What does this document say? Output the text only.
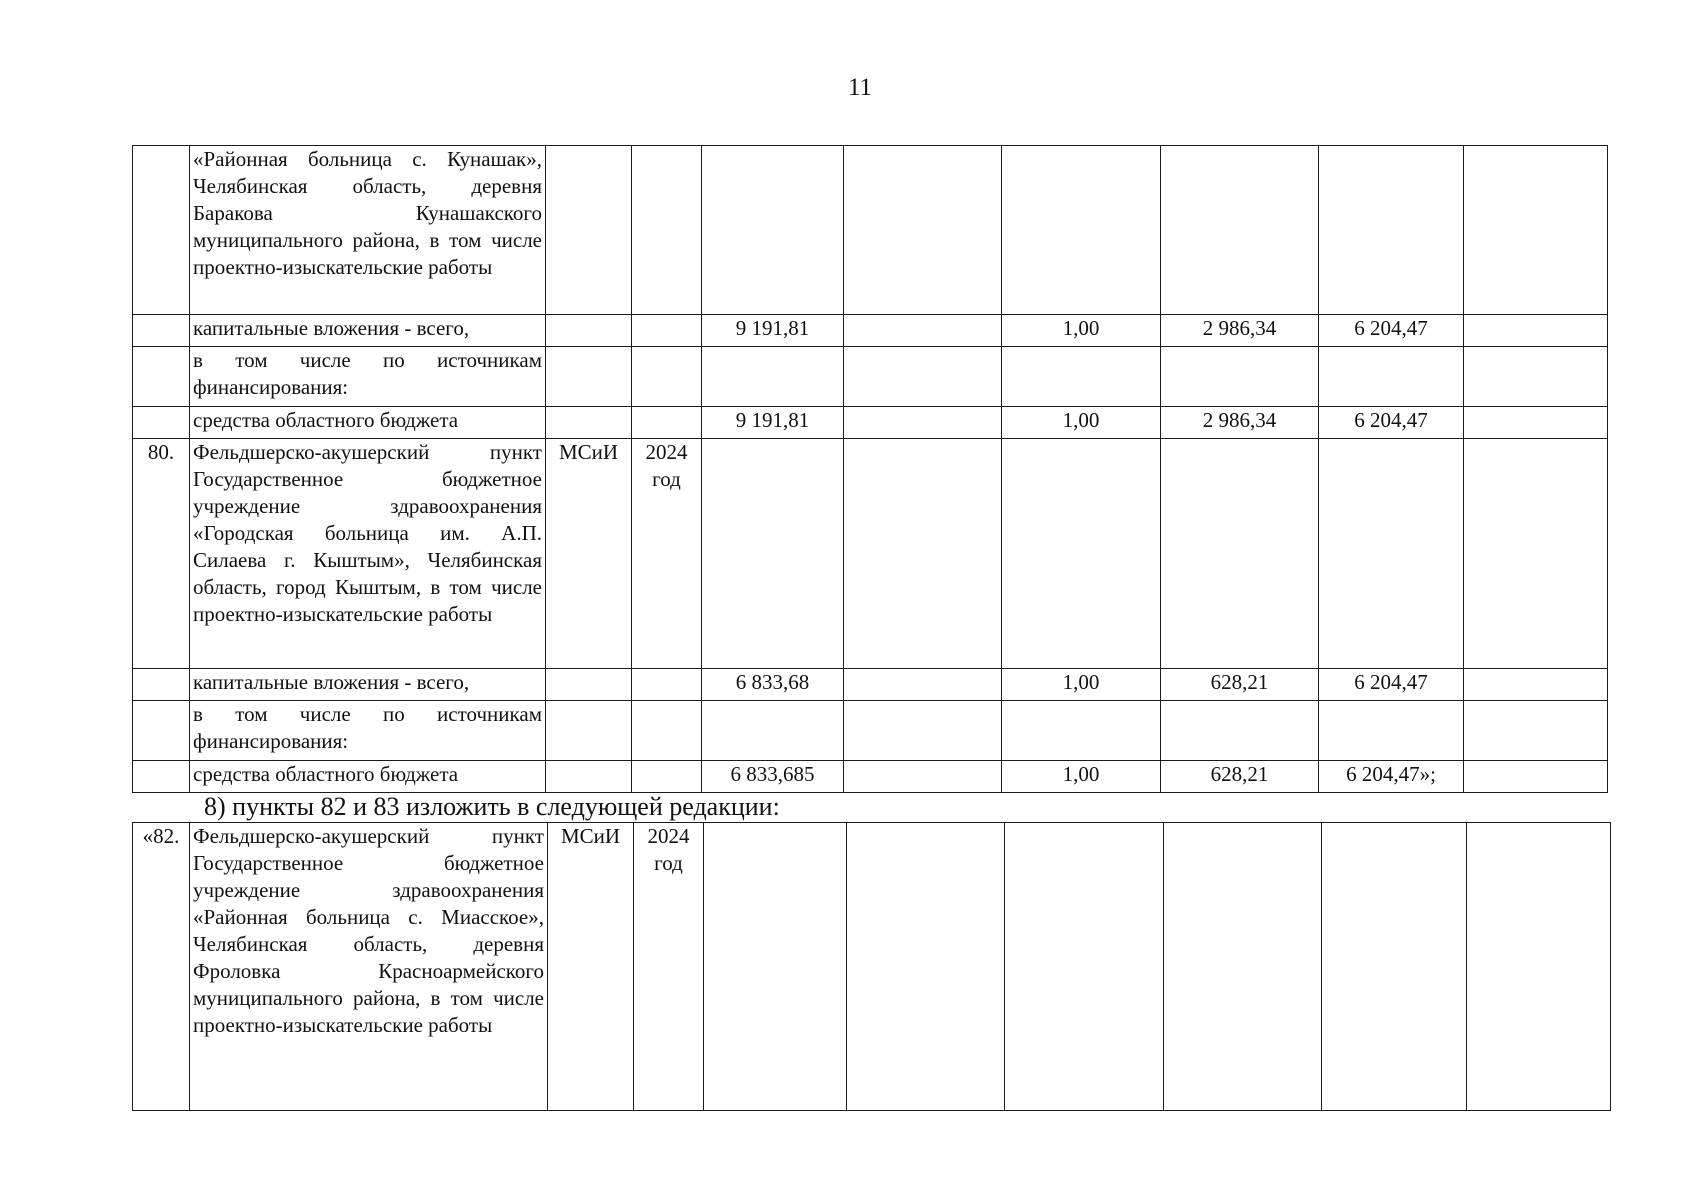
11
	«Районная больница с. Кунашак», Челябинская область, деревня Баракова Кунашакского муниципального района, в том числе проектно-изыскательские работы								
	капитальные вложения - всего,			9 191,81		1,00	2 986,34	6 204,47	
	в том числе по источникам финансирования:								
	средства областного бюджета			9 191,81		1,00	2 986,34	6 204,47	
80.	Фельдшерско-акушерский пункт Государственное бюджетное учреждение здравоохранения «Городская больница им. А.П. Силаева г. Кыштым», Челябинская область, город Кыштым, в том числе проектно-изыскательские работы	МСиИ	2024 год						
	капитальные вложения - всего,			6 833,68		1,00	628,21	6 204,47	
	в том числе по источникам финансирования:								
	средства областного бюджета			6 833,685		1,00	628,21	6 204,47»;	
8) пункты 82 и 83 изложить в следующей редакции:
«82.	Фельдшерско-акушерский пункт Государственное бюджетное учреждение здравоохранения «Районная больница с. Миасское», Челябинская область, деревня Фроловка Красноармейского муниципального района, в том числе проектно-изыскательские работы	МСиИ	2024 год						
